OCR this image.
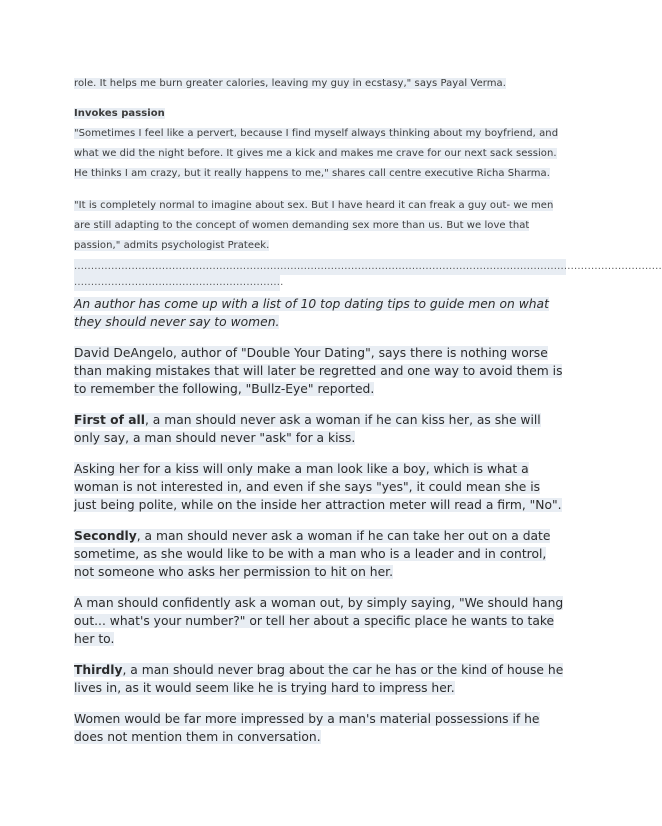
role. It helps me burn greater calories, leaving my guy in ecstasy," says Payal Verma.

Invokes passion

"Sometimes I feel like a pervert, because I find myself always thinking about my boyfriend, and what we did the night before. It gives me a kick and makes me crave for our next sack session. He thinks I am crazy, but it really happens to me," shares call centre executive Richa Sharma.

"It is completely normal to imagine about sex. But I have heard it can freak a guy out- we men are still adapting to the concept of women demanding sex more than us. But we love that passion," admits psychologist Prateek.

..............................................................................................................................................................................
..............................................................

An author has come up with a list of 10 top dating tips to guide men on what they should never say to women.

David DeAngelo, author of "Double Your Dating", says there is nothing worse than making mistakes that will later be regretted and one way to avoid them is to remember the following, "Bullz-Eye" reported.

First of all, a man should never ask a woman if he can kiss her, as she will only say, a man should never "ask" for a kiss.

Asking her for a kiss will only make a man look like a boy, which is what a woman is not interested in, and even if she says "yes", it could mean she is just being polite, while on the inside her attraction meter will read a firm, "No".

Secondly, a man should never ask a woman if he can take her out on a date sometime, as she would like to be with a man who is a leader and in control, not someone who asks her permission to hit on her.

A man should confidently ask a woman out, by simply saying, "We should hang out... what's your number?" or tell her about a specific place he wants to take her to.

Thirdly, a man should never brag about the car he has or the kind of house he lives in, as it would seem like he is trying hard to impress her.

Women would be far more impressed by a man's material possessions if he does not mention them in conversation.
